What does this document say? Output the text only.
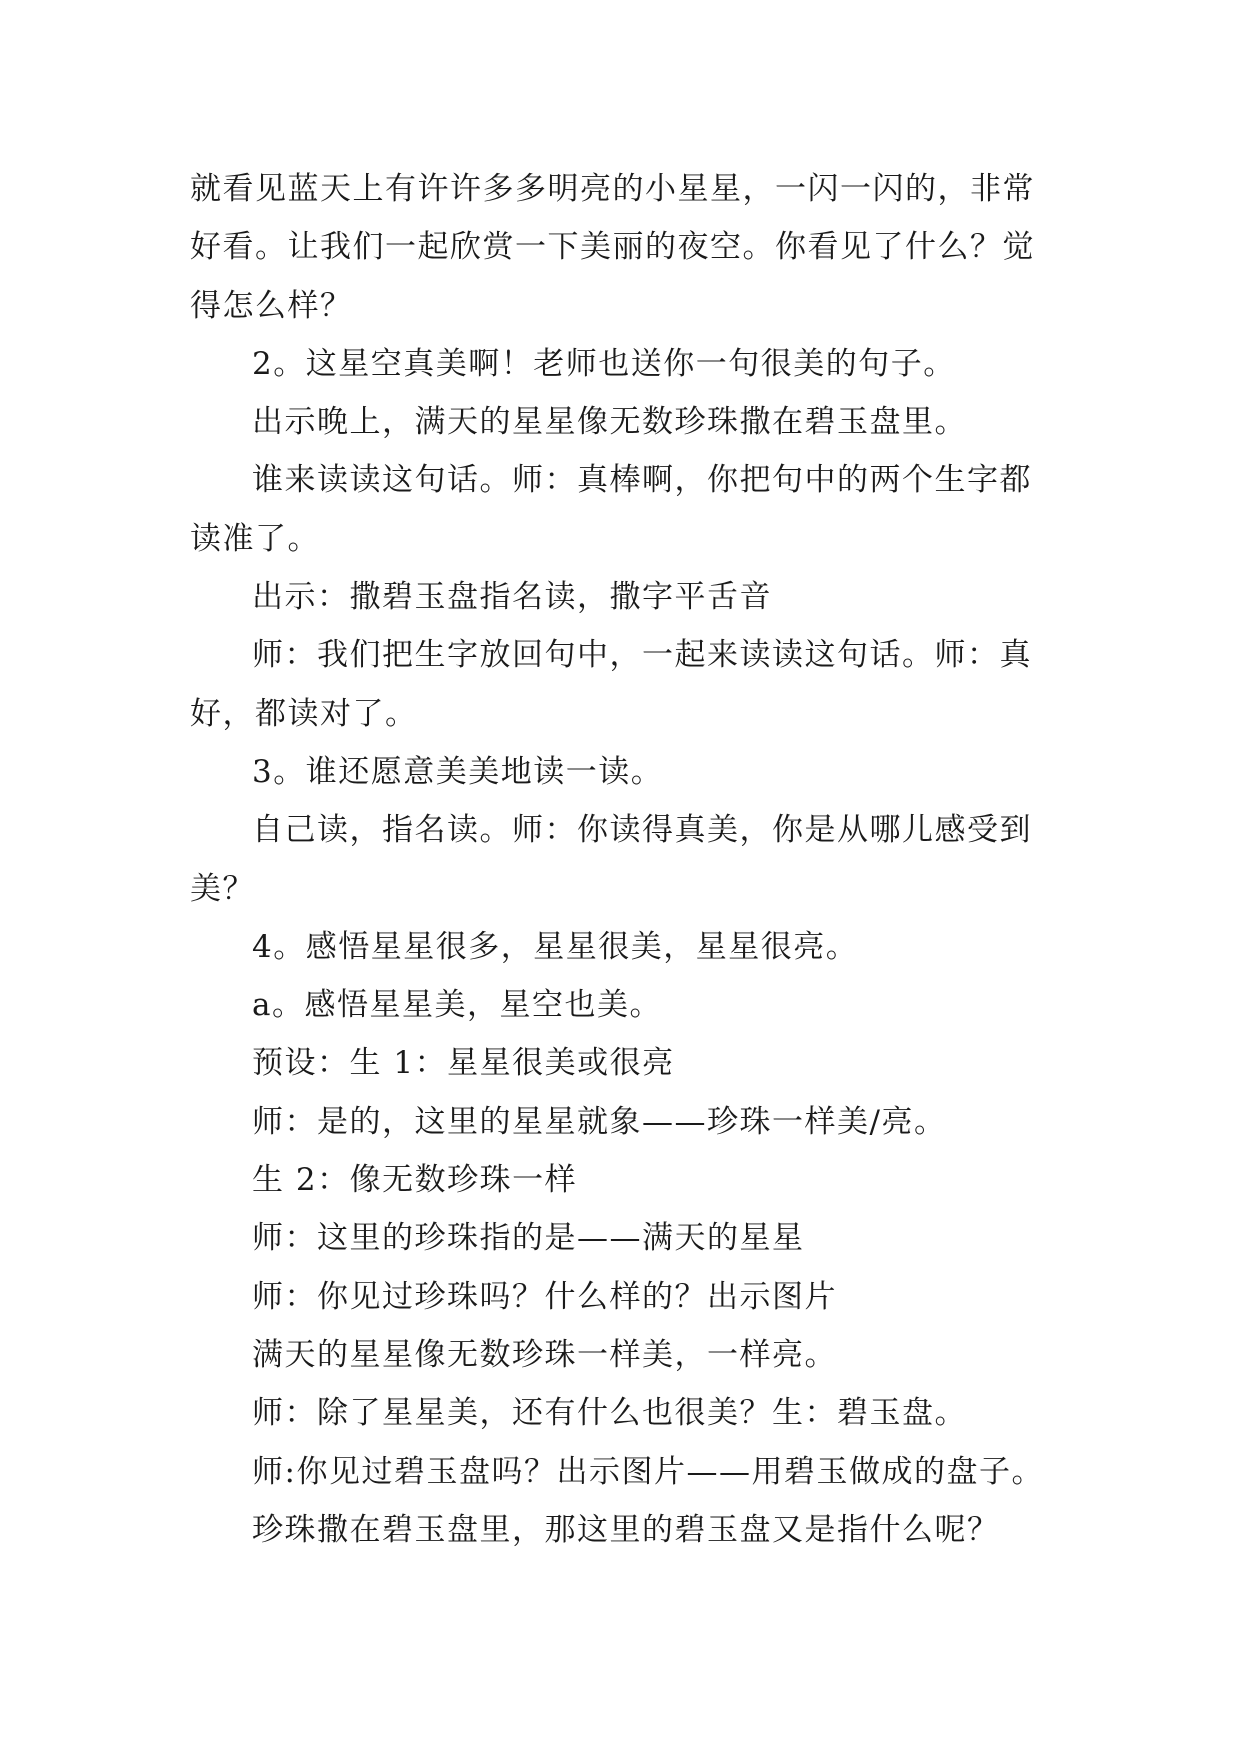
就看见蓝天上有许许多多明亮的小星星，一闪一闪的，非常好看。让我们一起欣赏一下美丽的夜空。你看见了什么？觉得怎么样？

2。这星空真美啊！老师也送你一句很美的句子。

出示晚上，满天的星星像无数珍珠撒在碧玉盘里。

谁来读读这句话。师：真棒啊，你把句中的两个生字都读准了。

出示：撒碧玉盘指名读，撒字平舌音

师：我们把生字放回句中，一起来读读这句话。师：真好，都读对了。

3。谁还愿意美美地读一读。

自己读，指名读。师：你读得真美，你是从哪儿感受到美？

4。感悟星星很多，星星很美，星星很亮。

a。感悟星星美，星空也美。

预设：生 1：星星很美或很亮

师：是的，这里的星星就象——珍珠一样美/亮。

生 2：像无数珍珠一样

师：这里的珍珠指的是——满天的星星

师：你见过珍珠吗？什么样的？出示图片

满天的星星像无数珍珠一样美，一样亮。

师：除了星星美，还有什么也很美？生：碧玉盘。

师:你见过碧玉盘吗？出示图片——用碧玉做成的盘子。

珍珠撒在碧玉盘里，那这里的碧玉盘又是指什么呢？
